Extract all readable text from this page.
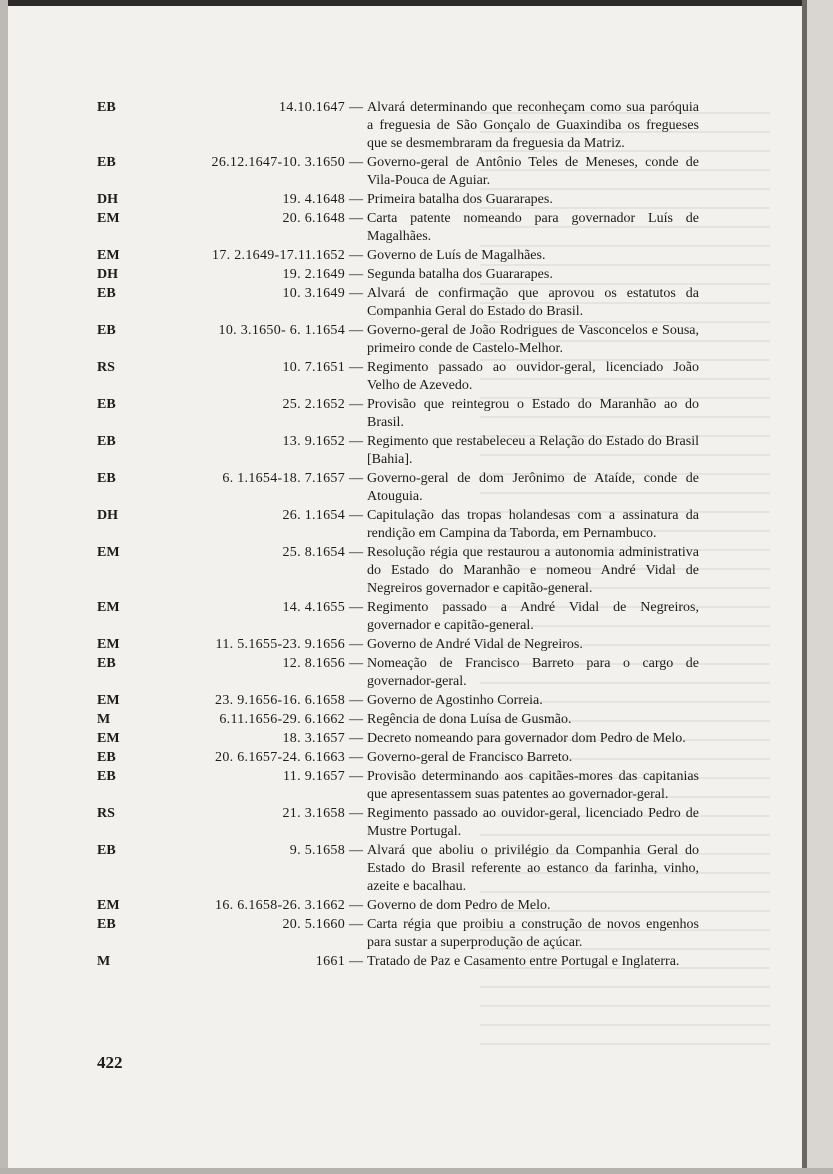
EB	14.10.1647 — Alvará determinando que reconheçam como sua paróquia a freguesia de São Gonçalo de Guaxindiba os fregueses que se desmembraram da freguesia da Matriz.
EB	26.12.1647-10. 3.1650 — Governo-geral de Antônio Teles de Meneses, conde de Vila-Pouca de Aguiar.
DH	19. 4.1648 — Primeira batalha dos Guararapes.
EM	20. 6.1648 — Carta patente nomeando para governador Luís de Magalhães.
EM	17. 2.1649-17.11.1652 — Governo de Luís de Magalhães.
DH	19. 2.1649 — Segunda batalha dos Guararapes.
EB	10. 3.1649 — Alvará de confirmação que aprovou os estatutos da Companhia Geral do Estado do Brasil.
EB	10. 3.1650- 6. 1.1654 — Governo-geral de João Rodrigues de Vasconcelos e Sousa, primeiro conde de Castelo-Melhor.
RS	10. 7.1651 — Regimento passado ao ouvidor-geral, licenciado João Velho de Azevedo.
EB	25. 2.1652 — Provisão que reintegrou o Estado do Maranhão ao do Brasil.
EB	13. 9.1652 — Regimento que restabeleceu a Relação do Estado do Brasil [Bahia].
EB	6. 1.1654-18. 7.1657 — Governo-geral de dom Jerônimo de Ataíde, conde de Atouguia.
DH	26. 1.1654 — Capitulação das tropas holandesas com a assinatura da rendição em Campina da Taborda, em Pernambuco.
EM	25. 8.1654 — Resolução régia que restaurou a autonomia administrativa do Estado do Maranhão e nomeou André Vidal de Negreiros governador e capitão-general.
EM	14. 4.1655 — Regimento passado a André Vidal de Negreiros, governador e capitão-general.
EM	11. 5.1655-23. 9.1656 — Governo de André Vidal de Negreiros.
EB	12. 8.1656 — Nomeação de Francisco Barreto para o cargo de governador-geral.
EM	23. 9.1656-16. 6.1658 — Governo de Agostinho Correia.
M	6.11.1656-29. 6.1662 — Regência de dona Luísa de Gusmão.
EM	18. 3.1657 — Decreto nomeando para governador dom Pedro de Melo.
EB	20. 6.1657-24. 6.1663 — Governo-geral de Francisco Barreto.
EB	11. 9.1657 — Provisão determinando aos capitães-mores das capitanias que apresentassem suas patentes ao governador-geral.
RS	21. 3.1658 — Regimento passado ao ouvidor-geral, licenciado Pedro de Mustre Portugal.
EB	9. 5.1658 — Alvará que aboliu o privilégio da Companhia Geral do Estado do Brasil referente ao estanco da farinha, vinho, azeite e bacalhau.
EM	16. 6.1658-26. 3.1662 — Governo de dom Pedro de Melo.
EB	20. 5.1660 — Carta régia que proibiu a construção de novos engenhos para sustar a superprodução de açúcar.
M	1661 — Tratado de Paz e Casamento entre Portugal e Inglaterra.
422
